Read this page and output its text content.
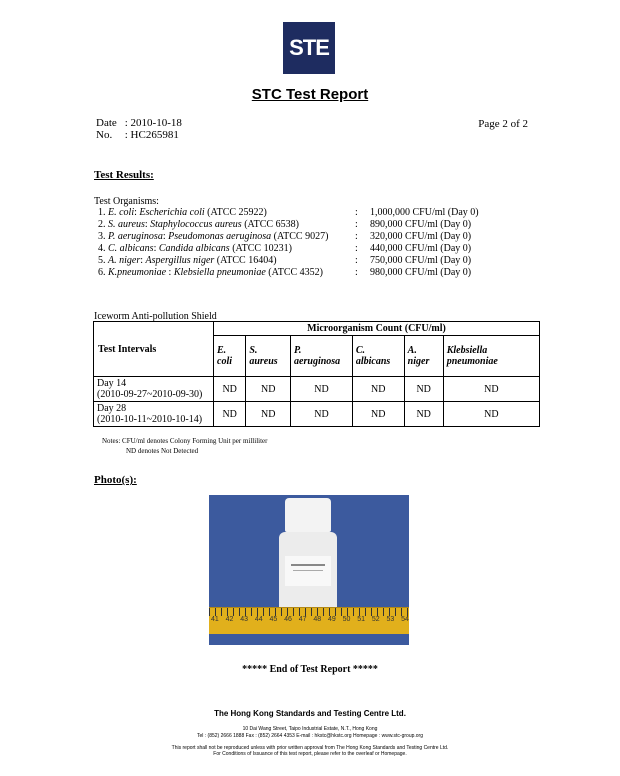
STE
STC Test Report
Date : 2010-10-18
No. : HC265981
Page 2 of 2
Test Results:
Test Organisms:
1. E. coli: Escherichia coli (ATCC 25922)	:	1,000,000 CFU/ml (Day 0)
2. S. aureus: Staphylococcus aureus (ATCC 6538)	:	890,000 CFU/ml (Day 0)
3. P. aeruginosa: Pseudomonas aeruginosa (ATCC 9027)	:	320,000 CFU/ml (Day 0)
4. C. albicans: Candida albicans (ATCC 10231)	:	440,000 CFU/ml (Day 0)
5. A. niger: Aspergillus niger (ATCC 16404)	:	750,000 CFU/ml (Day 0)
6. K.pneumoniae : Klebsiella pneumoniae (ATCC 4352)	:	980,000 CFU/ml (Day 0)
Iceworm Anti-pollution Shield
Test Intervals	Microorganism Count (CFU/ml)					
	E. coli	S. aureus	P. aeruginosa	C. albicans	A. niger	Klebsiella pneumoniae

Day 14
(2010-09-27~2010-09-30)	ND	ND	ND	ND	ND	ND

Day 28
(2010-10-11~2010-10-14)	ND	ND	ND	ND	ND	ND
Notes: CFU/ml denotes Colony Forming Unit per milliliter
ND denotes Not Detected
Photo(s):
41 42 43 44 45 46 47 48 49 50 51 52 53 54
***** End of Test Report *****
The Hong Kong Standards and Testing Centre Ltd.
10 Dai Wang Street, Taipo Industrial Estate, N.T., Hong Kong
Tel : (852) 2666 1888 Fax : (852) 2664 4353 E-mail : hkstc@hkstc.org Homepage : www.stc-group.org
This report shall not be reproduced unless with prior written approval from The Hong Kong Standards and Testing Centre Ltd.
For Conditions of Issuance of this test report, please refer to the overleaf or Homepage.
